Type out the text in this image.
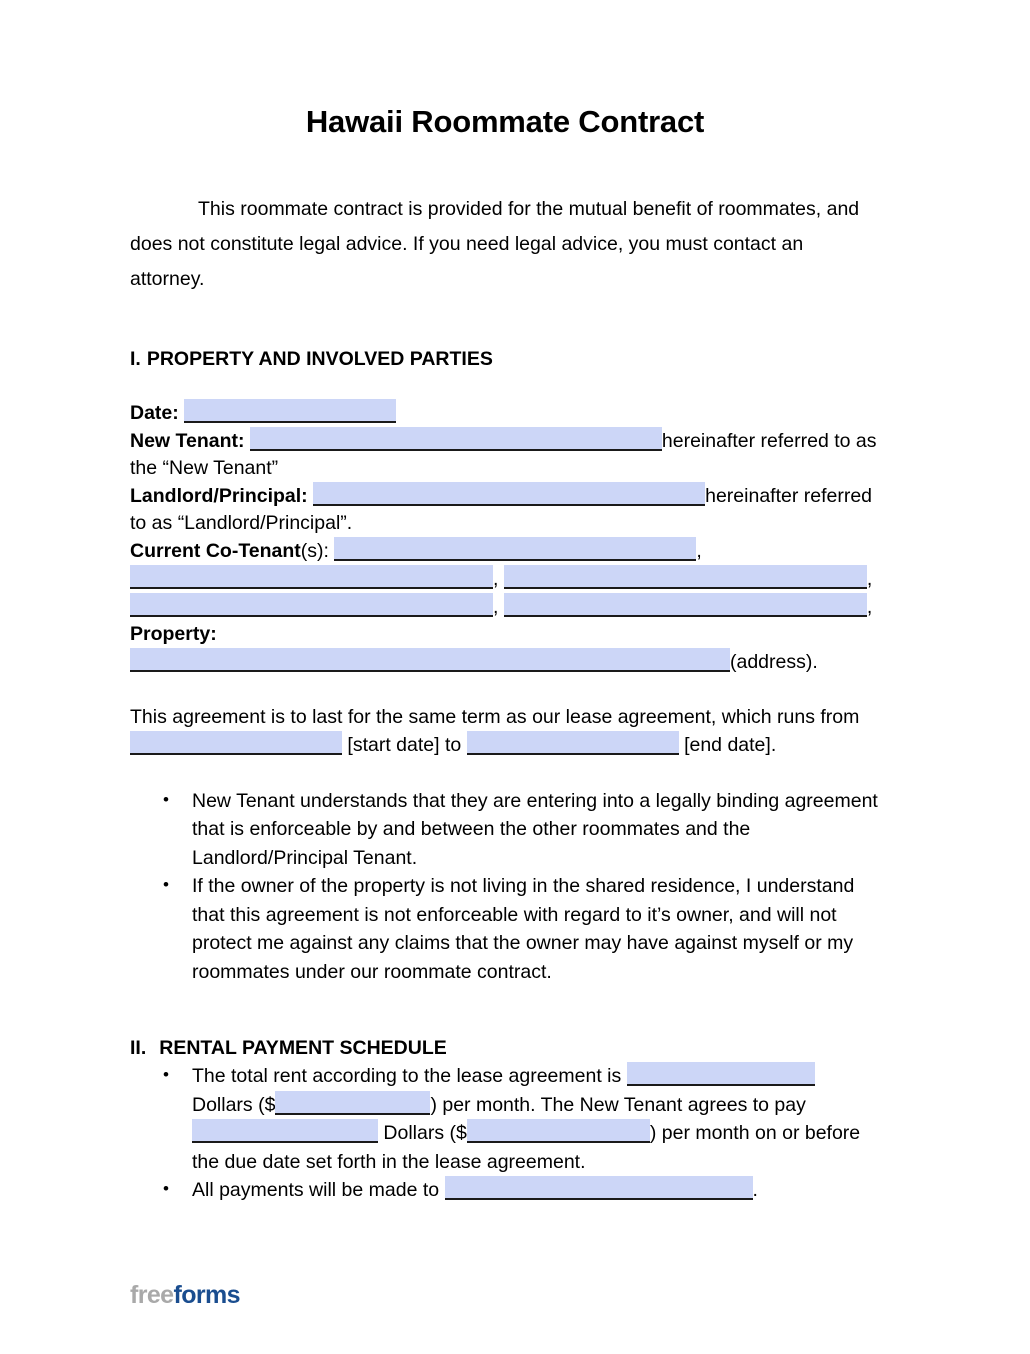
Hawaii Roommate Contract

This roommate contract is provided for the mutual benefit of roommates, and does not constitute legal advice. If you need legal advice, you must contact an attorney.

I. PROPERTY AND INVOLVED PARTIES
Date:
New Tenant:	hereinafter referred to as the “New Tenant”
Landlord/Principal:	hereinafter referred to as “Landlord/Principal”.
Current Co-Tenant(s):	,
,	,
,	,
Property:
(address).
This agreement is to last for the same term as our lease agreement, which runs from
[start date] to	[end date].
• New Tenant understands that they are entering into a legally binding agreement that is enforceable by and between the other roommates and the Landlord/Principal Tenant.
• If the owner of the property is not living in the shared residence, I understand that this agreement is not enforceable with regard to it’s owner, and will not protect me against any claims that the owner may have against myself or my roommates under our roommate contract.
II. RENTAL PAYMENT SCHEDULE
• The total rent according to the lease agreement is  Dollars ($	) per month. The New Tenant agrees to pay  Dollars ($	) per month on or before the due date set forth in the lease agreement.
• All payments will be made to	.
freeforms
